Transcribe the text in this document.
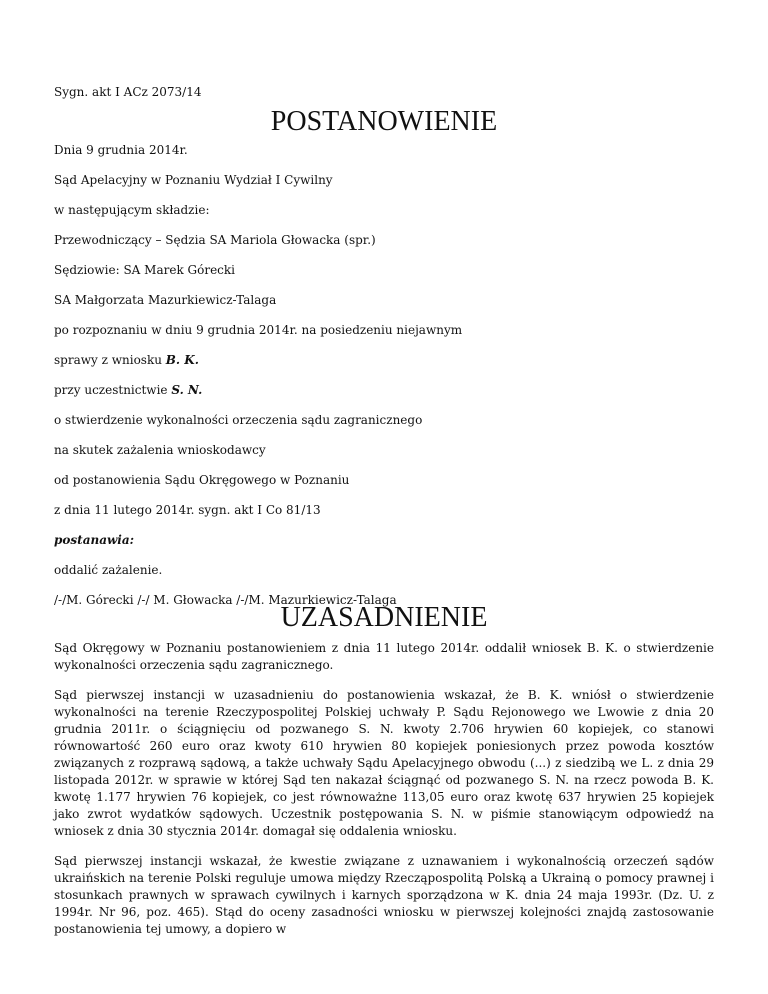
Sygn. akt I ACz 2073/14

POSTANOWIENIE

Dnia 9 grudnia 2014r.

Sąd Apelacyjny w Poznaniu Wydział I Cywilny

w następującym składzie:

Przewodniczący – Sędzia SA Mariola Głowacka (spr.)

Sędziowie: SA Marek Górecki

SA Małgorzata Mazurkiewicz-Talaga

po rozpoznaniu w dniu 9 grudnia 2014r. na posiedzeniu niejawnym

sprawy z wniosku B. K.

przy uczestnictwie S. N.

o stwierdzenie wykonalności orzeczenia sądu zagranicznego

na skutek zażalenia wnioskodawcy

od postanowienia Sądu Okręgowego w Poznaniu

z dnia 11 lutego 2014r. sygn. akt I Co 81/13

postanawia:

oddalić zażalenie.

/-/M. Górecki /-/ M. Głowacka /-/M. Mazurkiewicz-Talaga

UZASADNIENIE

Sąd Okręgowy w Poznaniu postanowieniem z dnia 11 lutego 2014r. oddalił wniosek B. K. o stwierdzenie wykonalności orzeczenia sądu zagranicznego.

Sąd pierwszej instancji w uzasadnieniu do postanowienia wskazał, że B. K. wniósł o stwierdzenie wykonalności na terenie Rzeczypospolitej Polskiej uchwały P. Sądu Rejonowego we Lwowie z dnia 20 grudnia 2011r. o ściągnięciu od pozwanego S. N. kwoty 2.706 hrywien 60 kopiejek, co stanowi równowartość 260 euro oraz kwoty 610 hrywien 80 kopiejek poniesionych przez powoda kosztów związanych z rozprawą sądową, a także uchwały Sądu Apelacyjnego obwodu (...) z siedzibą we L. z dnia 29 listopada 2012r. w sprawie w której Sąd ten nakazał ściągnąć od pozwanego S. N. na rzecz powoda B. K. kwotę 1.177 hrywien 76 kopiejek, co jest równoważne 113,05 euro oraz kwotę 637 hrywien 25 kopiejek jako zwrot wydatków sądowych. Uczestnik postępowania S. N. w piśmie stanowiącym odpowiedź na wniosek z dnia 30 stycznia 2014r. domagał się oddalenia wniosku.

Sąd pierwszej instancji wskazał, że kwestie związane z uznawaniem i wykonalnością orzeczeń sądów ukraińskich na terenie Polski reguluje umowa między Rzecząpospolitą Polską a Ukrainą o pomocy prawnej i stosunkach prawnych w sprawach cywilnych i karnych sporządzona w K. dnia 24 maja 1993r. (Dz. U. z 1994r. Nr 96, poz. 465). Stąd do oceny zasadności wniosku w pierwszej kolejności znajdą zastosowanie postanowienia tej umowy, a dopiero w
